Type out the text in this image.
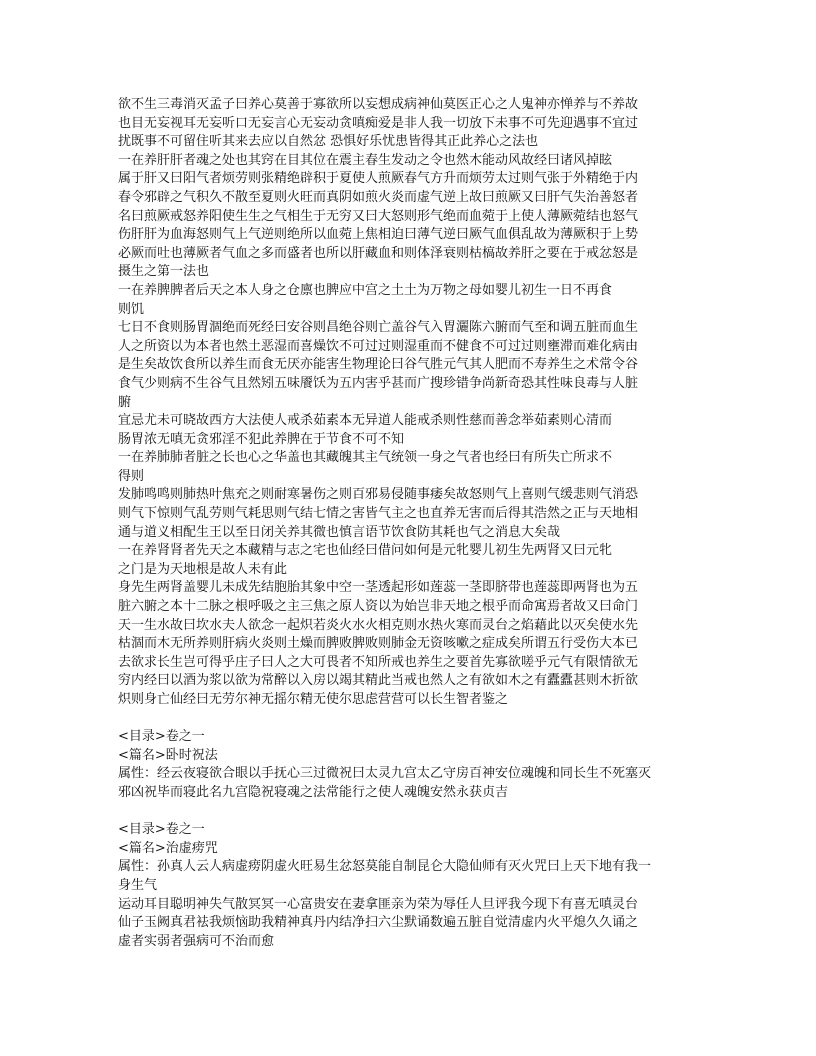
欲不生三毒消灭孟子曰养心莫善于寡欲所以妄想成病神仙莫医正心之人鬼神亦惮养与不养故
也目无妄视耳无妄听口无妄言心无妄动贪嗔痴爱是非人我一切放下未事不可先迎遇事不宜过
扰既事不可留住听其来去应以自然忿 恐惧好乐忧患皆得其正此养心之法也
一在养肝肝者魂之处也其窍在目其位在震主春生发动之令也然木能动风故经曰诸风掉眩
属于肝又曰阳气者烦劳则张精绝辟积于夏使人煎厥春气方升而烦劳太过则气张于外精绝于内
春令邪辟之气积久不散至夏则火旺而真阴如煎火炎而虚气逆上故曰煎厥又曰肝气失治善怒者
名曰煎厥戒怒养阳使生生之气相生于无穷又曰大怒则形气绝而血菀于上使人薄厥菀结也怒气
伤肝肝为血海怒则气上气逆则绝所以血菀上焦相迫曰薄气逆曰厥气血俱乱故为薄厥积于上势
必厥而吐也薄厥者气血之多而盛者也所以肝藏血和则体泽衰则枯槁故养肝之要在于戒忿怒是
摄生之第一法也
一在养脾脾者后天之本人身之仓廪也脾应中宫之土土为万物之母如婴儿初生一日不再食
则饥
七日不食则肠胃涸绝而死经曰安谷则昌绝谷则亡盖谷气入胃灑陈六腑而气至和调五脏而血生
人之所资以为本者也然土恶湿而喜燥饮不可过过则湿重而不健食不可过过则壅滞而难化病由
是生矣故饮食所以养生而食无厌亦能害生物理论曰谷气胜元气其人肥而不寿养生之术常令谷
食气少则病不生谷气且然矧五味餍饫为五内害乎甚而广搜珍错争尚新奇恐其性味良毒与人脏
腑
宜忌尤未可晓故西方大法使人戒杀茹素本无异道人能戒杀则性慈而善念举茹素则心清而
肠胃浓无嗔无贪邪淫不犯此养脾在于节食不可不知
一在养肺肺者脏之长也心之华盖也其藏魄其主气统领一身之气者也经曰有所失亡所求不
得则
发肺鸣鸣则肺热叶焦充之则耐寒暑伤之则百邪易侵随事痿矣故怒则气上喜则气缓悲则气消恐
则气下惊则气乱劳则气耗思则气结七情之害皆气主之也直养无害而后得其浩然之正与天地相
通与道义相配生王以至日闭关养其微也慎言语节饮食防其耗也气之消息大矣哉
一在养肾肾者先天之本藏精与志之宅也仙经曰借问如何是元牝婴儿初生先两肾又曰元牝
之门是为天地根是故人未有此
身先生两肾盖婴儿未成先结胞胎其象中空一茎透起形如莲蕊一茎即脐带也莲蕊即两肾也为五
脏六腑之本十二脉之根呼吸之主三焦之原人资以为始岂非天地之根乎而命寓焉者故又曰命门
天一生水故曰坎水夫人欲念一起炽若炎火水火相克则水热火寒而灵台之焰藉此以灭矣使水先
枯涸而木无所养则肝病火炎则土燥而脾败脾败则肺金无资咳嗽之症成矣所谓五行受伤大本已
去欲求长生岂可得乎庄子曰人之大可畏者不知所戒也养生之要首先寡欲嗟乎元气有限情欲无
穷内经曰以酒为浆以欲为常醉以入房以竭其精此当戒也然人之有欲如木之有蠹蠹甚则木折欲
炽则身亡仙经曰无劳尔神无摇尔精无使尔思虑营营可以长生智者鉴之
<目录>卷之一
<篇名>卧时祝法
属性：经云夜寝欲合眼以手抚心三过微祝曰太灵九宫太乙守房百神安位魂魄和同长生不死塞灭
邪凶祝毕而寝此名九宫隐祝寝魂之法常能行之使人魂魄安然永获贞吉
<目录>卷之一
<篇名>治虚痨咒
属性：孙真人云人病虚痨阴虚火旺易生忿怒莫能自制昆仑大隐仙师有灭火咒曰上天下地有我一
身生气
运动耳目聪明神失气散冥冥一心富贵安在妻拿匪亲为荣为辱任人旦评我今现下有喜无嗔灵台
仙子玉阙真君袪我烦恼助我精神真丹内结净扫六尘默诵数遍五脏自觉清虚内火平熄久久诵之
虚者实弱者强病可不治而愈
